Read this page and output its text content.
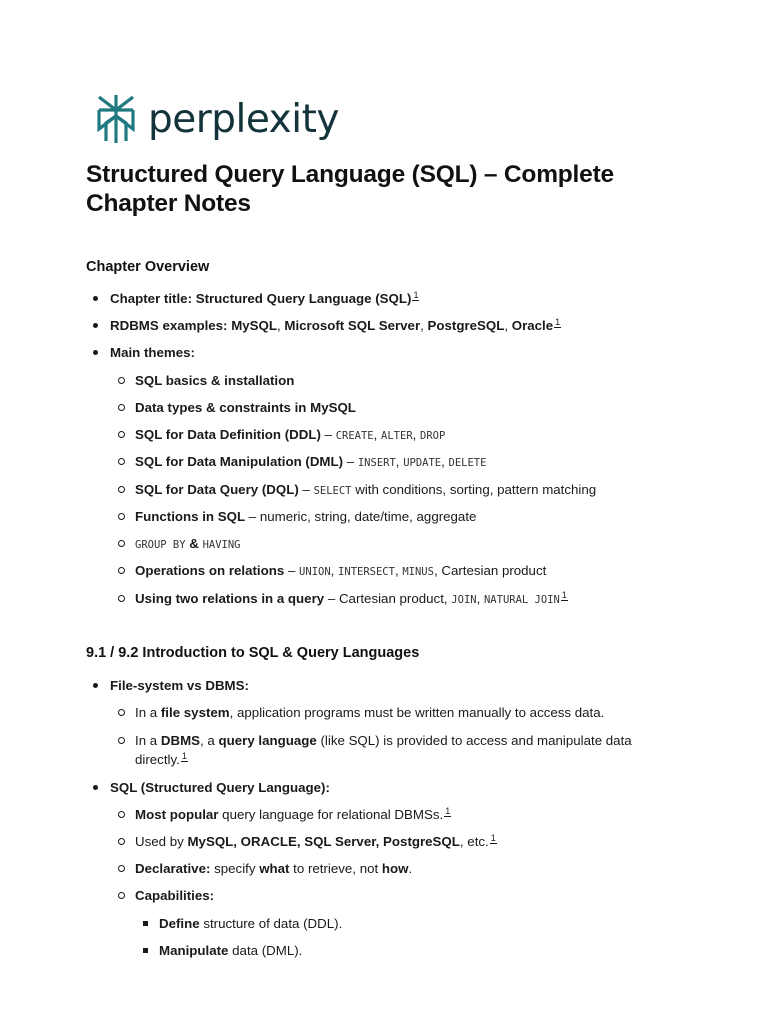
perplexity
Structured Query Language (SQL) – Complete Chapter Notes
Chapter Overview
Chapter title: Structured Query Language (SQL) $^1$
RDBMS examples: MySQL, Microsoft SQL Server, PostgreSQL, Oracle $^1$
Main themes:
SQL basics & installation
Data types & constraints in MySQL
SQL for Data Definition (DDL) – CREATE, ALTER, DROP
SQL for Data Manipulation (DML) – INSERT, UPDATE, DELETE
SQL for Data Query (DQL) – SELECT with conditions, sorting, pattern matching
Functions in SQL – numeric, string, date/time, aggregate
GROUP BY & HAVING
Operations on relations – UNION, INTERSECT, MINUS, Cartesian product
Using two relations in a query – Cartesian product, JOIN, NATURAL JOIN $^1$
9.1 / 9.2 Introduction to SQL & Query Languages
File-system vs DBMS:
In a file system, application programs must be written manually to access data.
In a DBMS, a query language (like SQL) is provided to access and manipulate data
directly. $^1$
SQL (Structured Query Language):
Most popular query language for relational DBMSs. $^1$
Used by MySQL, ORACLE, SQL Server, PostgreSQL, etc. $^1$
Declarative: specify what to retrieve, not how.
Capabilities:
Define structure of data (DDL).
Manipulate data (DML).
